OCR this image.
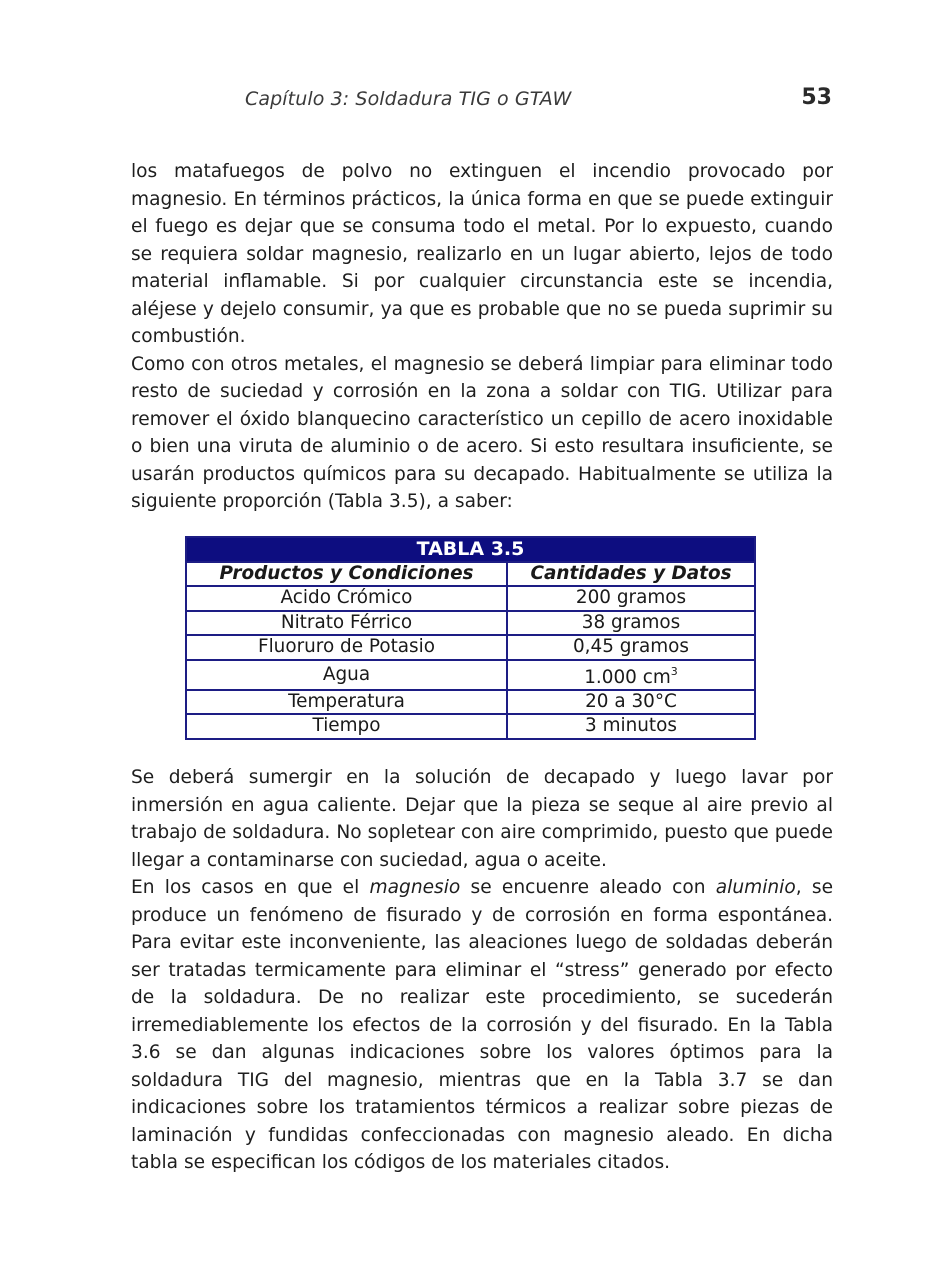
Capítulo 3: Soldadura TIG o GTAW	53

los matafuegos de polvo no extinguen el incendio provocado por magnesio. En términos prácticos, la única forma en que se puede extinguir el fuego es dejar que se consuma todo el metal. Por lo expuesto, cuando se requiera soldar magnesio, realizarlo en un lugar abierto, lejos de todo material inflamable. Si por cualquier circunstancia este se incendia, aléjese y dejelo consumir, ya que es probable que no se pueda suprimir su combustión.

Como con otros metales, el magnesio se deberá limpiar para eliminar todo resto de suciedad y corrosión en la zona a soldar con TIG. Utilizar para remover el óxido blanquecino característico un cepillo de acero inoxidable o bien una viruta de aluminio o de acero. Si esto resultara insuficiente, se usarán productos químicos para su decapado. Habitualmente se utiliza la siguiente proporción (Tabla 3.5), a saber:

TABLA 3.5	
Productos y Condiciones	Cantidades y Datos
Acido Crómico	200 gramos
Nitrato Férrico	38 gramos
Fluoruro de Potasio	0,45 gramos
Agua	1.000 $cm^3$
Temperatura	20 a 30°C
Tiempo	3 minutos

Se deberá sumergir en la solución de decapado y luego lavar por inmersión en agua caliente. Dejar que la pieza se seque al aire previo al trabajo de soldadura. No sopletear con aire comprimido, puesto que puede llegar a contaminarse con suciedad, agua o aceite.

En los casos en que el magnesio se encuenre aleado con aluminio, se produce un fenómeno de fisurado y de corrosión en forma espontánea. Para evitar este inconveniente, las aleaciones luego de soldadas deberán ser tratadas termicamente para eliminar el “stress” generado por efecto de la soldadura. De no realizar este procedimiento, se sucederán irremediablemente los efectos de la corrosión y del fisurado. En la Tabla 3.6 se dan algunas indicaciones sobre los valores óptimos para la soldadura TIG del magnesio, mientras que en la Tabla 3.7 se dan indicaciones sobre los tratamientos térmicos a realizar sobre piezas de laminación y fundidas confeccionadas con magnesio aleado. En dicha tabla se especifican los códigos de los materiales citados.
